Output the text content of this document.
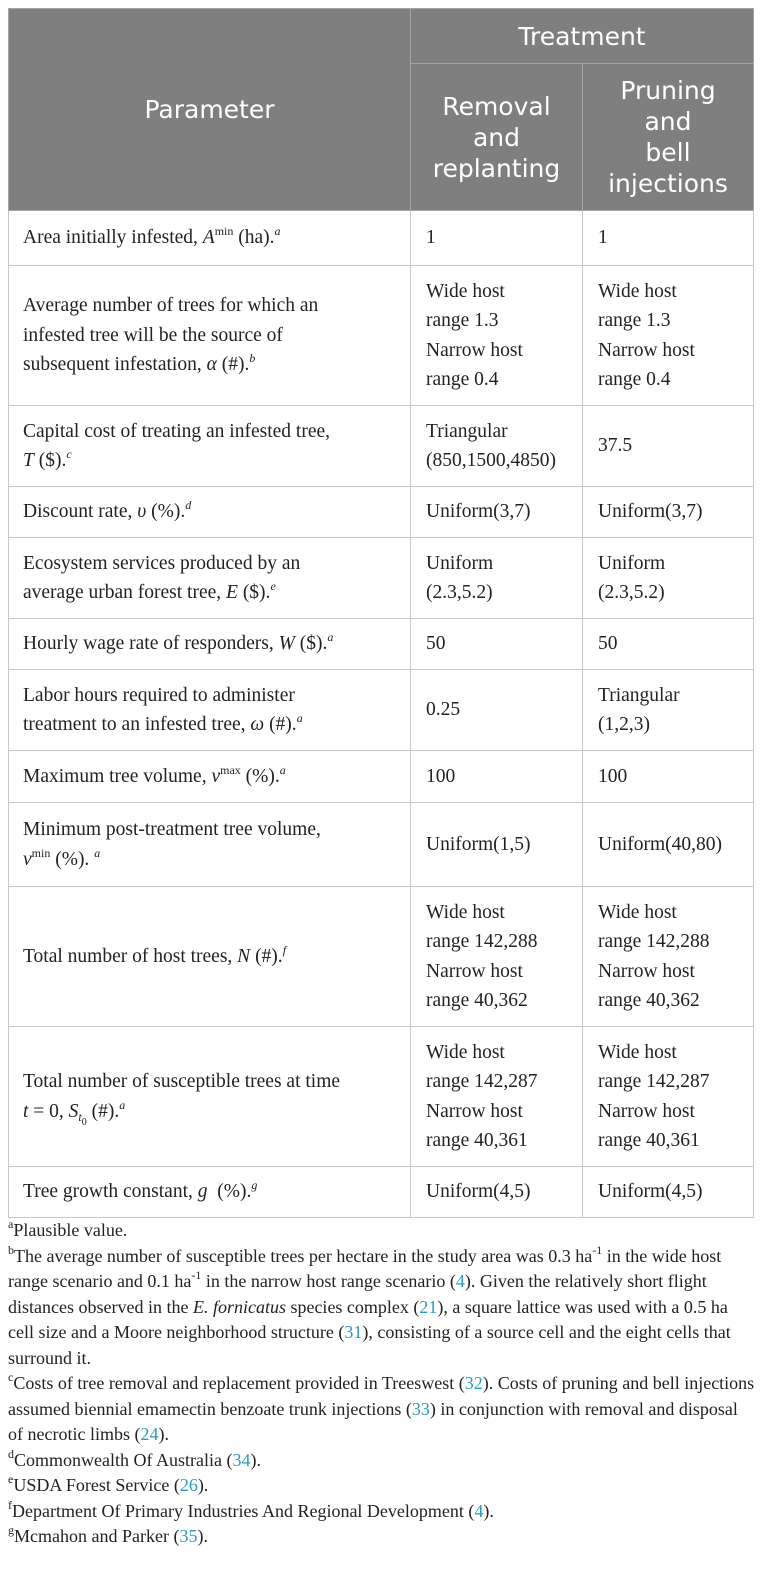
Parameter	Treatment	
	Removal
and
replanting	Pruning
and
bell
injections
Area initially infested, $A^{min}$ (ha).$^a$	1	1
Average number of trees for which an
infested tree will be the source of
subsequent infestation, α (#).$^b$	Wide host
range 1.3
Narrow host
range 0.4	Wide host
range 1.3
Narrow host
range 0.4
Capital cost of treating an infested tree,
T ($).$^c$	Triangular
(850,1500,4850)	37.5
Discount rate, υ (%).$^d$	Uniform(3,7)	Uniform(3,7)
Ecosystem services produced by an
average urban forest tree, E ($).$^e$	Uniform
(2.3,5.2)	Uniform
(2.3,5.2)
Hourly wage rate of responders, W ($).$^a$	50	50
Labor hours required to administer
treatment to an infested tree, ω (#).$^a$	0.25	Triangular
(1,2,3)
Maximum tree volume, $v^{max}$ (%).$^a$	100	100
Minimum post-treatment tree volume,
$v^{min}$ (%). $^a$	Uniform(1,5)	Uniform(40,80)
Total number of host trees, N (#).$^f$	Wide host
range 142,288
Narrow host
range 40,362	Wide host
range 142,288
Narrow host
range 40,362
Total number of susceptible trees at time
t = 0, $S_{t_0}$ (#).$^a$	Wide host
range 142,287
Narrow host
range 40,361	Wide host
range 142,287
Narrow host
range 40,361
Tree growth constant, g  (%).$^g$	Uniform(4,5)	Uniform(4,5)

$^a$Plausible value.

$^b$The average number of susceptible trees per hectare in the study area was 0.3 $ha^{-1}$ in the wide host range scenario and 0.1 $ha^{-1}$ in the narrow host range scenario (4). Given the relatively short flight distances observed in the E. fornicatus species complex (21), a square lattice was used with a 0.5 ha cell size and a Moore neighborhood structure (31), consisting of a source cell and the eight cells that surround it.

$^c$Costs of tree removal and replacement provided in Treeswest (32). Costs of pruning and bell injections assumed biennial emamectin benzoate trunk injections (33) in conjunction with removal and disposal of necrotic limbs (24).

$^d$Commonwealth Of Australia (34).

$^e$USDA Forest Service (26).

$^f$Department Of Primary Industries And Regional Development (4).

$^g$Mcmahon and Parker (35).
